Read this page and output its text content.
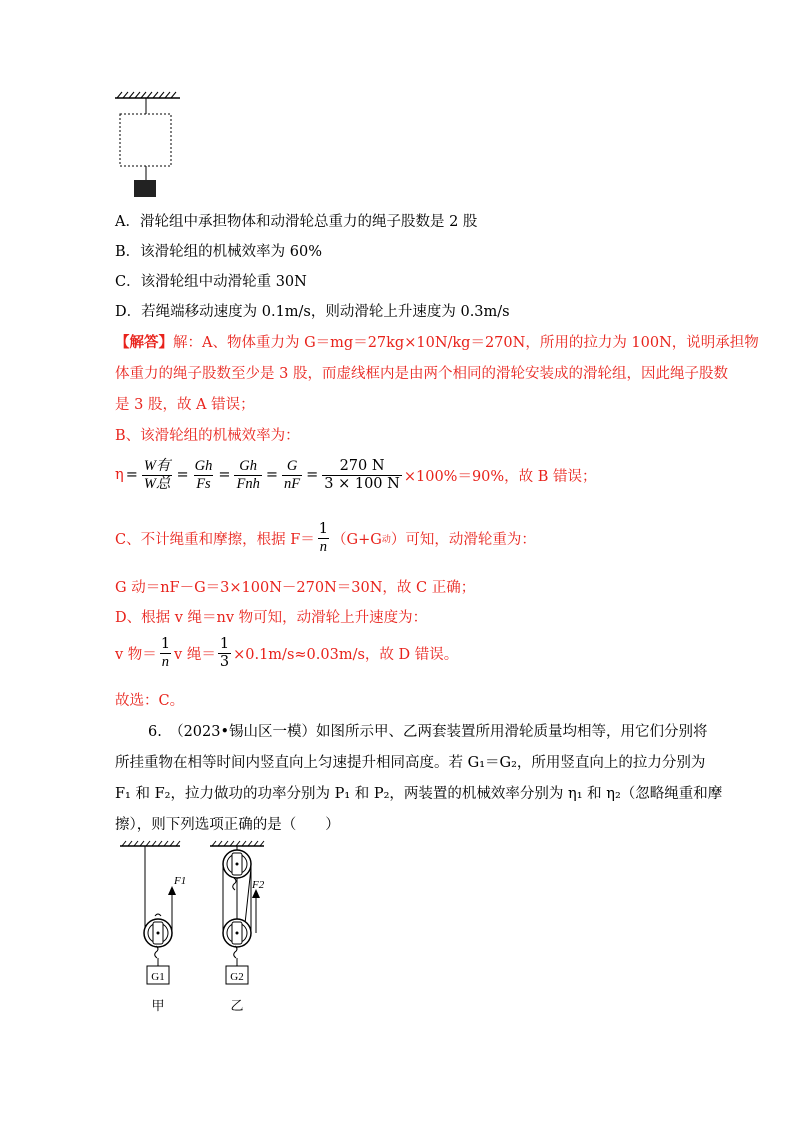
A．滑轮组中承担物体和动滑轮总重力的绳子股数是 2 股
B．该滑轮组的机械效率为 60%
C．该滑轮组中动滑轮重 30N
D．若绳端移动速度为 0.1m/s，则动滑轮上升速度为 0.3m/s
【解答】解：A、物体重力为 G＝mg＝27kg×10N/kg＝270N，所用的拉力为 100N，说明承担物
体重力的绳子股数至少是 3 股，而虚线框内是由两个相同的滑轮安装成的滑轮组，因此绳子股数
是 3 股，故 A 错误；
B、该滑轮组的机械效率为：
$\eta = \frac{\text{W有}}{\text{W总}} = \frac{Gh}{Fs} = \frac{Gh}{\text{Fnh}} = \frac{G}{nF} = \frac{270 N}{3 \times 100 N} \times 100\%=90\%$，故 B 错误；
C、不计绳重和摩擦，根据 $F= \frac{1}{n} (G+G$ 动 ）可知，动滑轮重为：
G 动＝nF－G＝3×100N－270N＝30N，故 C 正确；
D、根据 v 绳＝nv 物可知，动滑轮上升速度为：
v 物＝ $\frac{1}{n}$ v 绳＝ $\frac{1}{3} \times 0.1m/s\approx 0.03m/s$，故 D 错误。
故选：C。
6.　（2023•锡山区一模）如图所示甲、乙两套装置所用滑轮质量均相等，用它们分别将
所挂重物在相等时间内竖直向上匀速提升相同高度。若 G₁＝G₂，所用竖直向上的拉力分别为
F₁ 和 F₂，拉力做功的功率分别为 P₁ 和 P₂，两装置的机械效率分别为 η₁ 和 η₂（忽略绳重和摩
擦），则下列选项正确的是（　　）
G1
F1
甲
F2
G2
乙
